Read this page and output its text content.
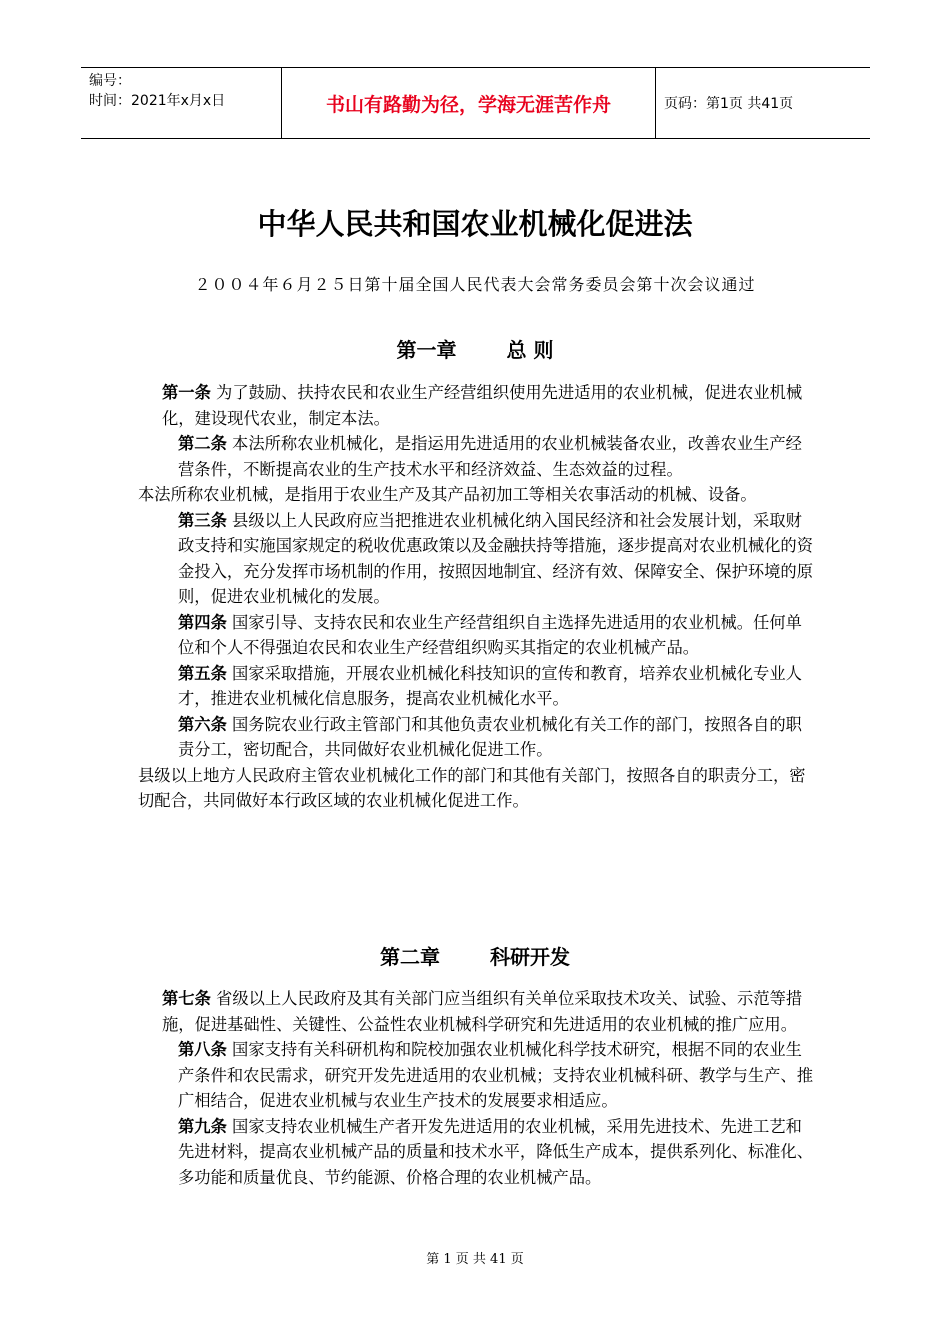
编号：
时间：2021年x月x日	书山有路勤为径，学海无涯苦作舟	页码：第1页 共41页
中华人民共和国农业机械化促进法
２００４年６月２５日第十届全国人民代表大会常务委员会第十次会议通过
第一章	总 则

第一条 为了鼓励、扶持农民和农业生产经营组织使用先进适用的农业机械，促进农业机械化，建设现代农业，制定本法。

第二条 本法所称农业机械化，是指运用先进适用的农业机械装备农业，改善农业生产经营条件，不断提高农业的生产技术水平和经济效益、生态效益的过程。

本法所称农业机械，是指用于农业生产及其产品初加工等相关农事活动的机械、设备。

第三条 县级以上人民政府应当把推进农业机械化纳入国民经济和社会发展计划，采取财政支持和实施国家规定的税收优惠政策以及金融扶持等措施，逐步提高对农业机械化的资金投入，充分发挥市场机制的作用，按照因地制宜、经济有效、保障安全、保护环境的原则，促进农业机械化的发展。

第四条 国家引导、支持农民和农业生产经营组织自主选择先进适用的农业机械。任何单位和个人不得强迫农民和农业生产经营组织购买其指定的农业机械产品。

第五条 国家采取措施，开展农业机械化科技知识的宣传和教育，培养农业机械化专业人才，推进农业机械化信息服务，提高农业机械化水平。

第六条 国务院农业行政主管部门和其他负责农业机械化有关工作的部门，按照各自的职责分工，密切配合，共同做好农业机械化促进工作。

县级以上地方人民政府主管农业机械化工作的部门和其他有关部门，按照各自的职责分工，密切配合，共同做好本行政区域的农业机械化促进工作。

第二章	科研开发

第七条 省级以上人民政府及其有关部门应当组织有关单位采取技术攻关、试验、示范等措施，促进基础性、关键性、公益性农业机械科学研究和先进适用的农业机械的推广应用。

第八条 国家支持有关科研机构和院校加强农业机械化科学技术研究，根据不同的农业生产条件和农民需求，研究开发先进适用的农业机械；支持农业机械科研、教学与生产、推广相结合，促进农业机械与农业生产技术的发展要求相适应。

第九条 国家支持农业机械生产者开发先进适用的农业机械，采用先进技术、先进工艺和先进材料，提高农业机械产品的质量和技术水平，降低生产成本，提供系列化、标准化、多功能和质量优良、节约能源、价格合理的农业机械产品。

第 1 页 共 41 页
